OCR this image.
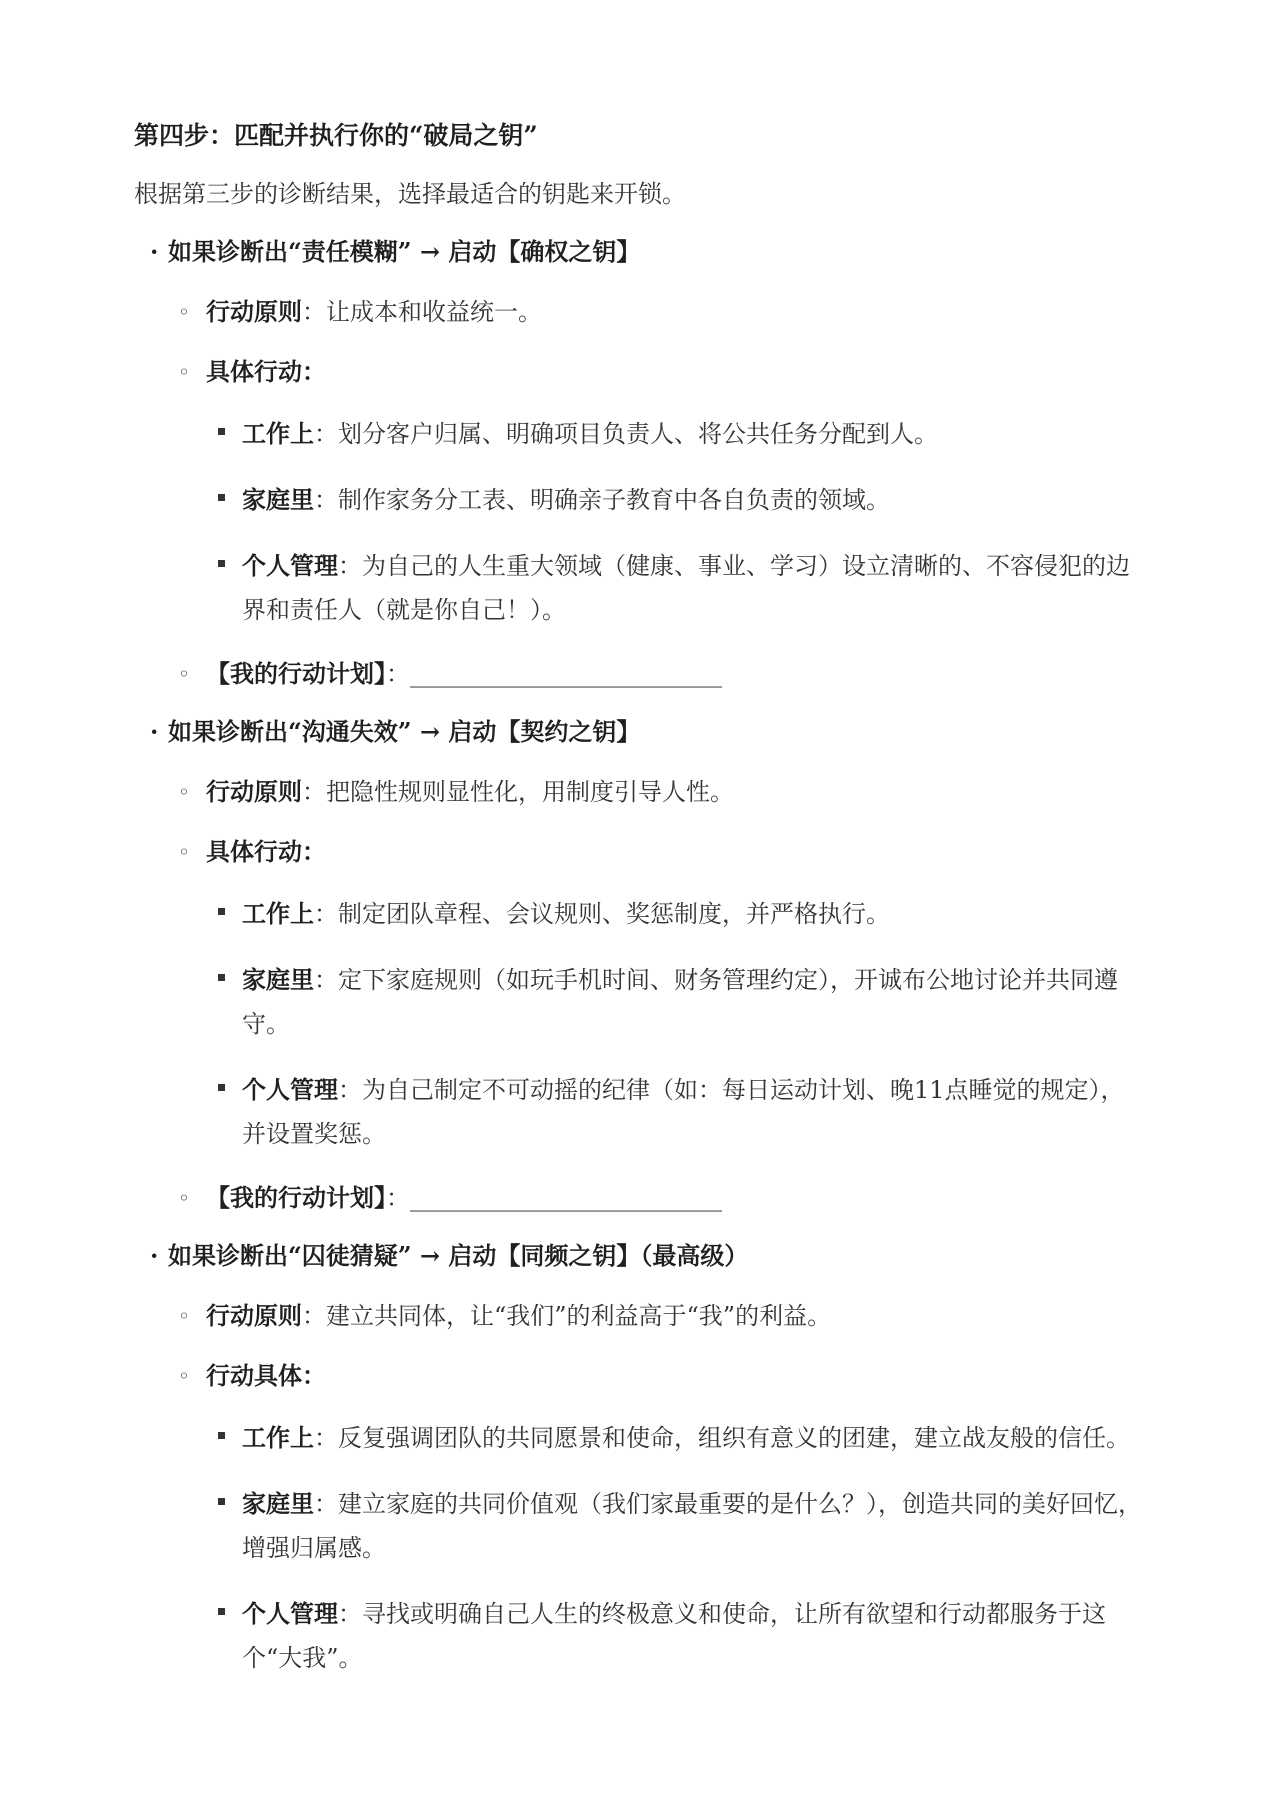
第四步：匹配并执行你的“破局之钥”
根据第三步的诊断结果，选择最适合的钥匙来开锁。
· 如果诊断出“责任模糊” → 启动【确权之钥】
◦ 行动原则：让成本和收益统一。
◦ 具体行动：
工作上：划分客户归属、明确项目负责人、将公共任务分配到人。
家庭里：制作家务分工表、明确亲子教育中各自负责的领域。
个人管理：为自己的人生重大领域（健康、事业、学习）设立清晰的、不容侵犯的边界和责任人（就是你自己！）。
◦ 【我的行动计划】：__________________________
· 如果诊断出“沟通失效” → 启动【契约之钥】
◦ 行动原则：把隐性规则显性化，用制度引导人性。
◦ 具体行动：
工作上：制定团队章程、会议规则、奖惩制度，并严格执行。
家庭里：定下家庭规则（如玩手机时间、财务管理约定），开诚布公地讨论并共同遵守。
个人管理：为自己制定不可动摇的纪律（如：每日运动计划、晚11点睡觉的规定），并设置奖惩。
◦ 【我的行动计划】：__________________________
· 如果诊断出“囚徒猜疑” → 启动【同频之钥】（最高级）
◦ 行动原则：建立共同体，让“我们”的利益高于“我”的利益。
◦ 行动具体：
工作上：反复强调团队的共同愿景和使命，组织有意义的团建，建立战友般的信任。
家庭里：建立家庭的共同价值观（我们家最重要的是什么？），创造共同的美好回忆，增强归属感。
个人管理：寻找或明确自己人生的终极意义和使命，让所有欲望和行动都服务于这个“大我”。
